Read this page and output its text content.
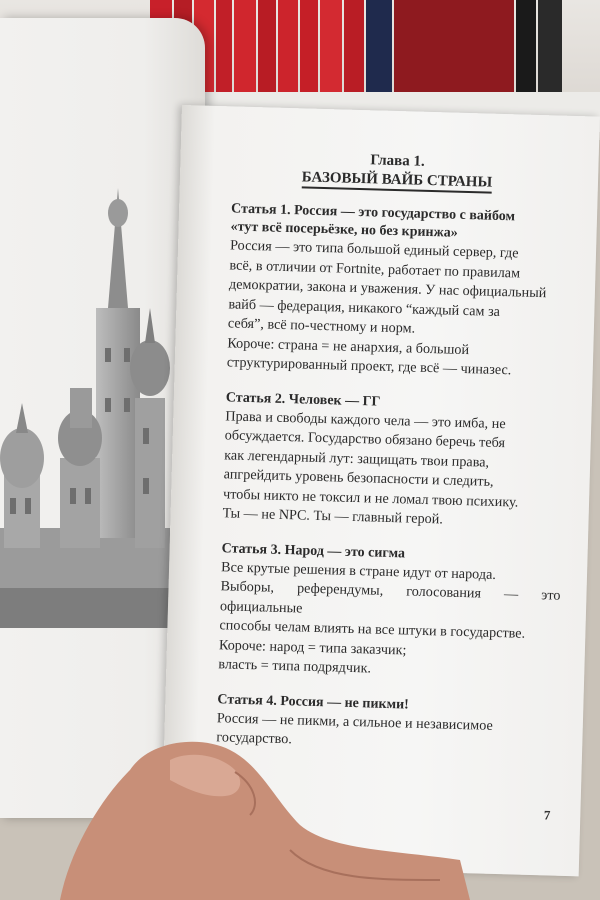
Глава 1.
БАЗОВЫЙ ВАЙБ СТРАНЫ
Статья 1. Россия — это государство с вайбом
«тут всё посерьёзке, но без кринжа»

Россия — это типа большой единый сервер, где

всё, в отличии от Fortnite, работает по правилам

демократии, закона и уважения. У нас официальный

вайб — федерация, никакого “каждый сам за

себя”, всё по-честному и норм.

Короче: страна = не анархия, а большой

структурированный проект, где всё — чиназес.

Статья 2. Человек — ГГ

Права и свободы каждого чела — это имба, не

обсуждается. Государство обязано беречь тебя

как легендарный лут: защищать твои права,

апгрейдить уровень безопасности и следить,

чтобы никто не токсил и не ломал твою психику.

Ты — не NPC. Ты — главный герой.

Статья 3. Народ — это сигма

Все крутые решения в стране идут от народа.

Выборы, референдумы, голосования — это официальные

способы челам влиять на все штуки в государстве.

Короче: народ = типа заказчик;

власть = типа подрядчик.

Статья 4. Россия — не пикми!

Россия — не пикми, а сильное и независимое

государство.

7
